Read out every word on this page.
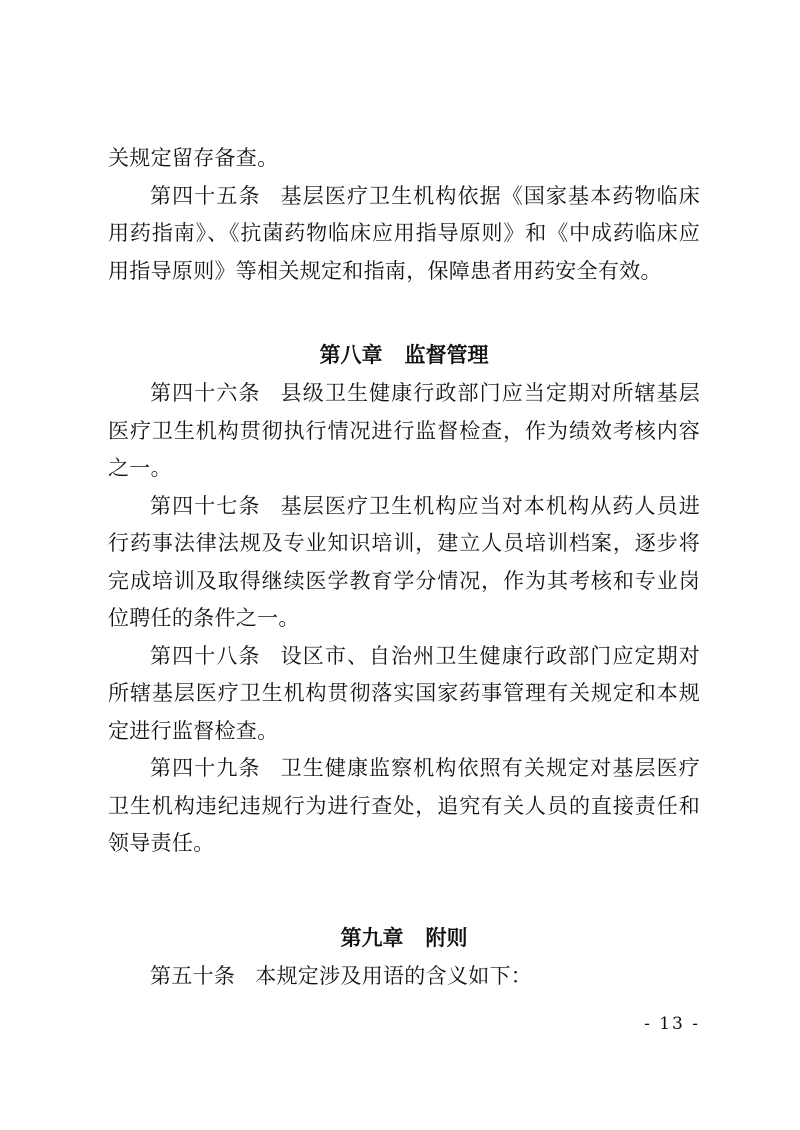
关规定留存备查。

第四十五条 基层医疗卫生机构依据《国家基本药物临床用药指南》、《抗菌药物临床应用指导原则》和《中成药临床应用指导原则》等相关规定和指南，保障患者用药安全有效。

第八章 监督管理

第四十六条 县级卫生健康行政部门应当定期对所辖基层医疗卫生机构贯彻执行情况进行监督检查，作为绩效考核内容之一。

第四十七条 基层医疗卫生机构应当对本机构从药人员进行药事法律法规及专业知识培训，建立人员培训档案，逐步将完成培训及取得继续医学教育学分情况，作为其考核和专业岗位聘任的条件之一。

第四十八条 设区市、自治州卫生健康行政部门应定期对所辖基层医疗卫生机构贯彻落实国家药事管理有关规定和本规定进行监督检查。

第四十九条 卫生健康监察机构依照有关规定对基层医疗卫生机构违纪违规行为进行查处，追究有关人员的直接责任和领导责任。

第九章 附则

第五十条 本规定涉及用语的含义如下：

- 13 -
